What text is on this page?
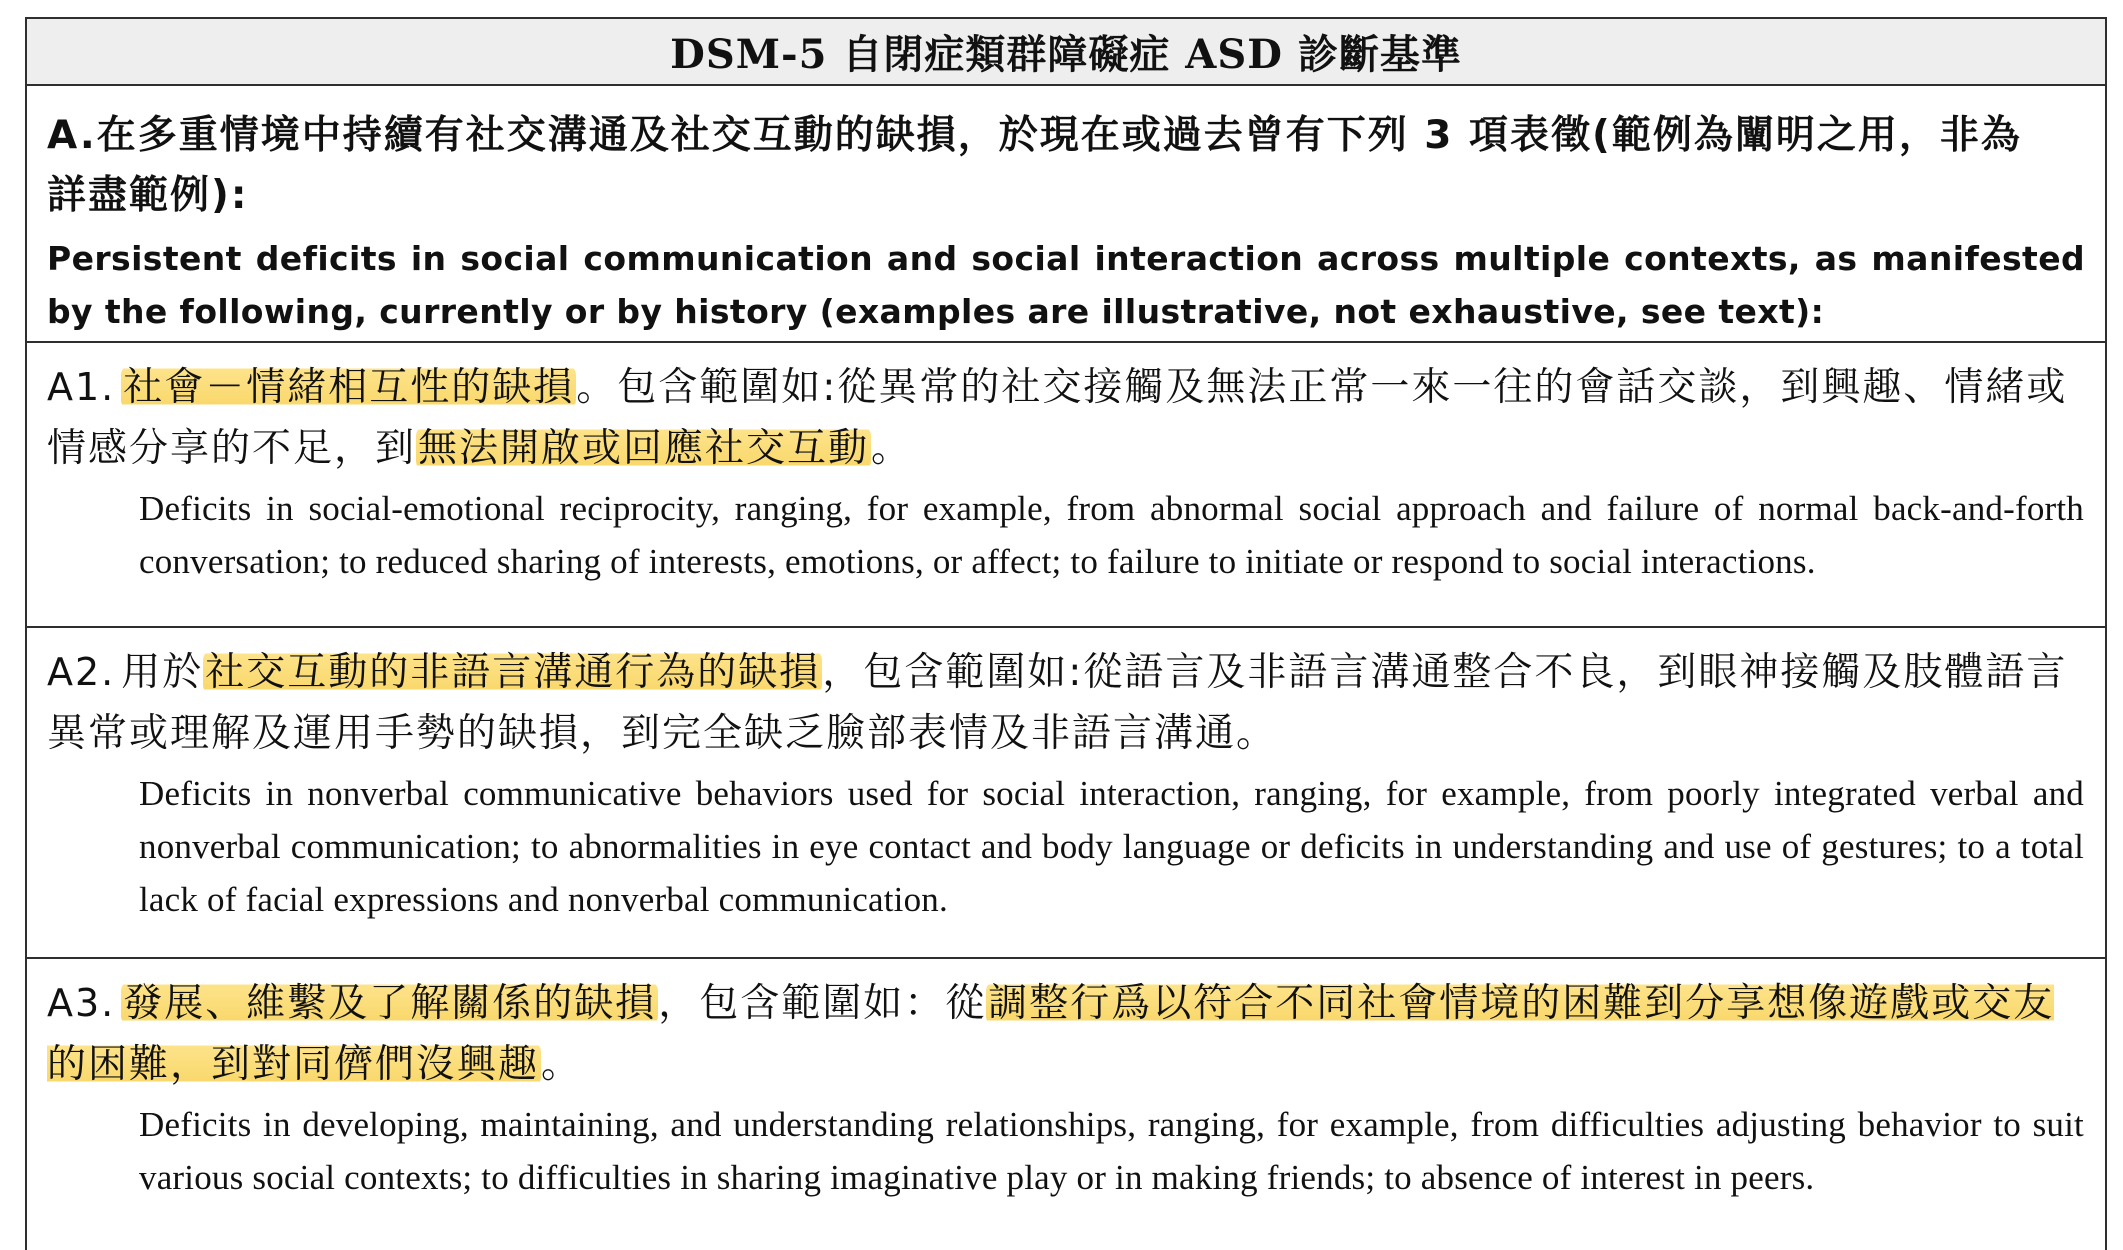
DSM-5 自閉症類群障礙症 ASD 診斷基準
A.在多重情境中持續有社交溝通及社交互動的缺損，於現在或過去曾有下列 3 項表徵(範例為闡明之用，非為詳盡範例):
Persistent deficits in social communication and social interaction across multiple contexts, as manifested by the following, currently or by history (examples are illustrative, not exhaustive, see text):
A1. 社會－情緒相互性的缺損。包含範圍如:從異常的社交接觸及無法正常一來一往的會話交談，到興趣、情緒或情感分享的不足，到無法開啟或回應社交互動。
Deficits in social-emotional reciprocity, ranging, for example, from abnormal social approach and failure of normal back-and-forth conversation; to reduced sharing of interests, emotions, or affect; to failure to initiate or respond to social interactions.
A2. 用於社交互動的非語言溝通行為的缺損，包含範圍如:從語言及非語言溝通整合不良，到眼神接觸及肢體語言異常或理解及運用手勢的缺損，到完全缺乏臉部表情及非語言溝通。
Deficits in nonverbal communicative behaviors used for social interaction, ranging, for example, from poorly integrated verbal and nonverbal communication; to abnormalities in eye contact and body language or deficits in understanding and use of gestures; to a total lack of facial expressions and nonverbal communication.
A3. 發展、維繫及了解關係的缺損，包含範圍如：從調整行爲以符合不同社會情境的困難到分享想像遊戲或交友的困難，到對同儕們沒興趣。
Deficits in developing, maintaining, and understanding relationships, ranging, for example, from difficulties adjusting behavior to suit various social contexts; to difficulties in sharing imaginative play or in making friends; to absence of interest in peers.
